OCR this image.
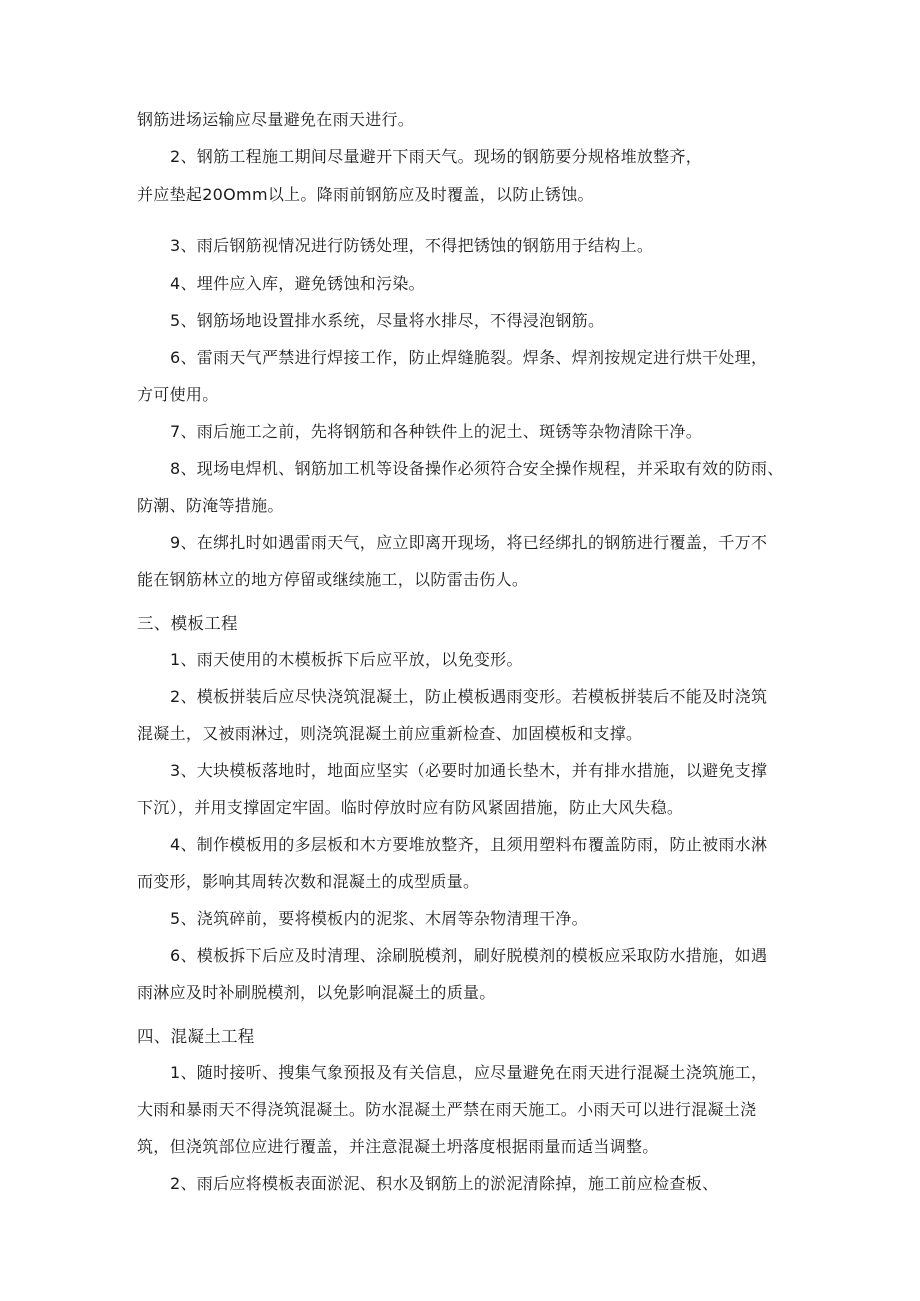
钢筋进场运输应尽量避免在雨天进行。
2、钢筋工程施工期间尽量避开下雨天气。现场的钢筋要分规格堆放整齐，
并应垫起20Omm以上。降雨前钢筋应及时覆盖，以防止锈蚀。
3、雨后钢筋视情况进行防锈处理，不得把锈蚀的钢筋用于结构上。
4、埋件应入库，避免锈蚀和污染。
5、钢筋场地设置排水系统，尽量将水排尽，不得浸泡钢筋。
6、雷雨天气严禁进行焊接工作，防止焊缝脆裂。焊条、焊剂按规定进行烘干处理，
方可使用。
7、雨后施工之前，先将钢筋和各种铁件上的泥土、斑锈等杂物清除干净。
8、现场电焊机、钢筋加工机等设备操作必须符合安全操作规程，并采取有效的防雨、
防潮、防淹等措施。
9、在绑扎时如遇雷雨天气，应立即离开现场，将已经绑扎的钢筋进行覆盖，千万不
能在钢筋林立的地方停留或继续施工，以防雷击伤人。
三、模板工程
1、雨天使用的木模板拆下后应平放，以免变形。
2、模板拼装后应尽快浇筑混凝土，防止模板遇雨变形。若模板拼装后不能及时浇筑
混凝土，又被雨淋过，则浇筑混凝土前应重新检查、加固模板和支撑。
3、大块模板落地时，地面应坚实（必要时加通长垫木，并有排水措施，以避免支撑
下沉），并用支撑固定牢固。临时停放时应有防风紧固措施，防止大风失稳。
4、制作模板用的多层板和木方要堆放整齐，且须用塑料布覆盖防雨，防止被雨水淋
而变形，影响其周转次数和混凝土的成型质量。
5、浇筑碎前，要将模板内的泥浆、木屑等杂物清理干净。
6、模板拆下后应及时清理、涂刷脱模剂，刷好脱模剂的模板应采取防水措施，如遇
雨淋应及时补刷脱模剂，以免影响混凝土的质量。
四、混凝土工程
1、随时接听、搜集气象预报及有关信息，应尽量避免在雨天进行混凝土浇筑施工，
大雨和暴雨天不得浇筑混凝土。防水混凝土严禁在雨天施工。小雨天可以进行混凝土浇
筑，但浇筑部位应进行覆盖，并注意混凝土坍落度根据雨量而适当调整。
2、雨后应将模板表面淤泥、积水及钢筋上的淤泥清除掉，施工前应检查板、
